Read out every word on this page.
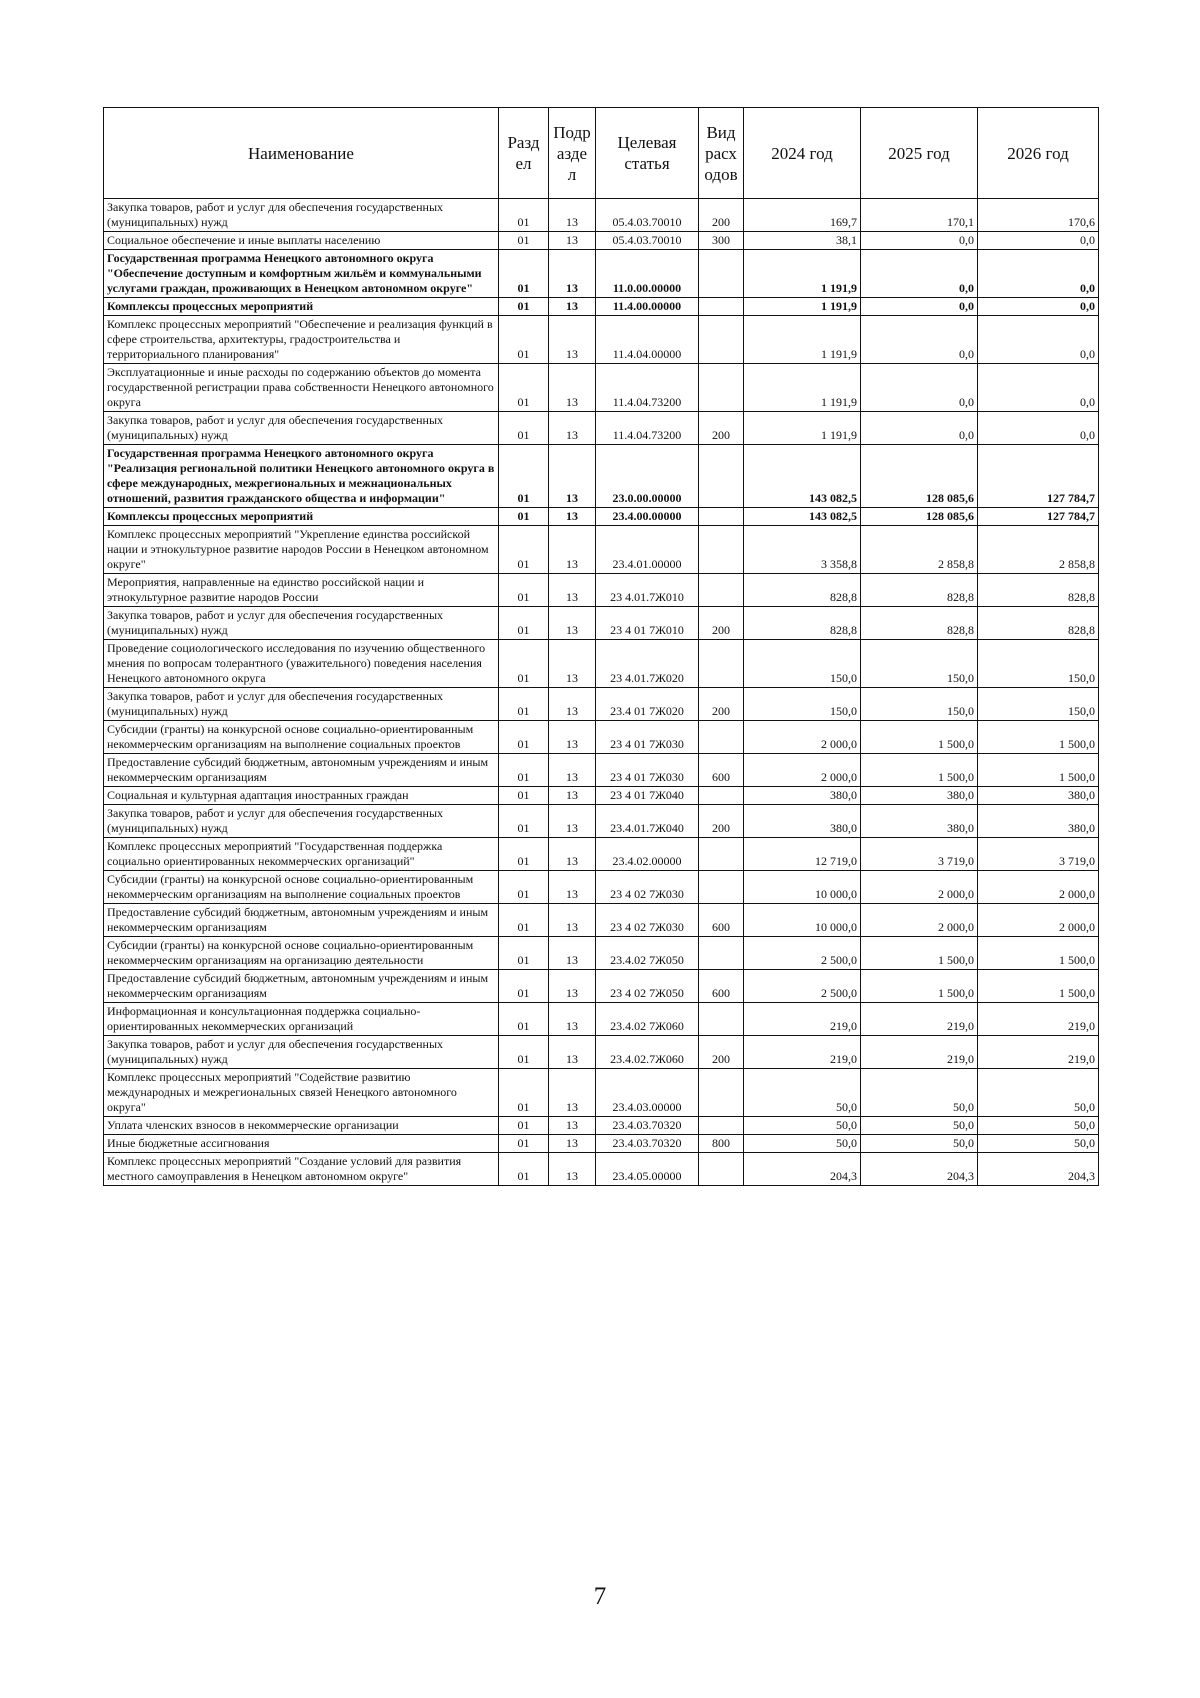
Наименование	Разд ел	Подр азде л	Целевая статья	Вид расх одов	2024 год	2025 год	2026 год
Закупка товаров, работ и услуг для обеспечения государственных (муниципальных) нужд	01	13	05.4.03.70010	200	169,7	170,1	170,6
Социальное обеспечение и иные выплаты населению	01	13	05.4.03.70010	300	38,1	0,0	0,0
Государственная программа Ненецкого автономного округа "Обеспечение доступным и комфортным жильём и коммунальными услугами граждан, проживающих в Ненецком автономном округе"	01	13	11.0.00.00000		1 191,9	0,0	0,0
Комплексы процессных мероприятий	01	13	11.4.00.00000		1 191,9	0,0	0,0
Комплекс процессных мероприятий "Обеспечение и реализация функций в сфере строительства, архитектуры, градостроительства и территориального планирования"	01	13	11.4.04.00000		1 191,9	0,0	0,0
Эксплуатационные и иные расходы по содержанию объектов до момента государственной регистрации права собственности Ненецкого автономного округа	01	13	11.4.04.73200		1 191,9	0,0	0,0
Закупка товаров, работ и услуг для обеспечения государственных (муниципальных) нужд	01	13	11.4.04.73200	200	1 191,9	0,0	0,0
Государственная программа Ненецкого автономного округа "Реализация региональной политики Ненецкого автономного округа в сфере международных, межрегиональных и межнациональных отношений, развития гражданского общества и информации"	01	13	23.0.00.00000		143 082,5	128 085,6	127 784,7
Комплексы процессных мероприятий	01	13	23.4.00.00000		143 082,5	128 085,6	127 784,7
Комплекс процессных мероприятий "Укрепление единства российской нации и этнокультурное развитие народов России в Ненецком автономном округе"	01	13	23.4.01.00000		3 358,8	2 858,8	2 858,8
Мероприятия, направленные на единство российской нации и этнокультурное развитие народов России	01	13	23 4.01.7Ж010		828,8	828,8	828,8
Закупка товаров, работ и услуг для обеспечения государственных (муниципальных) нужд	01	13	23 4 01 7Ж010	200	828,8	828,8	828,8
Проведение социологического исследования по изучению общественного мнения по вопросам толерантного (уважительного) поведения населения Ненецкого автономного округа	01	13	23 4.01.7Ж020		150,0	150,0	150,0
Закупка товаров, работ и услуг для обеспечения государственных (муниципальных) нужд	01	13	23.4 01 7Ж020	200	150,0	150,0	150,0
Субсидии (гранты) на конкурсной основе социально-ориентированным некоммерческим организациям на выполнение социальных проектов	01	13	23 4 01 7Ж030		2 000,0	1 500,0	1 500,0
Предоставление субсидий бюджетным, автономным учреждениям и иным некоммерческим организациям	01	13	23 4 01 7Ж030	600	2 000,0	1 500,0	1 500,0
Социальная и культурная адаптация иностранных граждан	01	13	23 4 01 7Ж040		380,0	380,0	380,0
Закупка товаров, работ и услуг для обеспечения государственных (муниципальных) нужд	01	13	23.4.01.7Ж040	200	380,0	380,0	380,0
Комплекс процессных мероприятий "Государственная поддержка социально ориентированных некоммерческих организаций"	01	13	23.4.02.00000		12 719,0	3 719,0	3 719,0
Субсидии (гранты) на конкурсной основе социально-ориентированным некоммерческим организациям на выполнение социальных проектов	01	13	23 4 02 7Ж030		10 000,0	2 000,0	2 000,0
Предоставление субсидий бюджетным, автономным учреждениям и иным некоммерческим организациям	01	13	23 4 02 7Ж030	600	10 000,0	2 000,0	2 000,0
Субсидии (гранты) на конкурсной основе социально-ориентированным некоммерческим организациям на организацию деятельности	01	13	23.4.02 7Ж050		2 500,0	1 500,0	1 500,0
Предоставление субсидий бюджетным, автономным учреждениям и иным некоммерческим организациям	01	13	23 4 02 7Ж050	600	2 500,0	1 500,0	1 500,0
Информационная и консультационная поддержка социально-ориентированных некоммерческих организаций	01	13	23.4.02 7Ж060		219,0	219,0	219,0
Закупка товаров, работ и услуг для обеспечения государственных (муниципальных) нужд	01	13	23.4.02.7Ж060	200	219,0	219,0	219,0
Комплекс процессных мероприятий "Содействие развитию международных и межрегиональных связей Ненецкого автономного округа"	01	13	23.4.03.00000		50,0	50,0	50,0
Уплата членских взносов в некоммерческие организации	01	13	23.4.03.70320		50,0	50,0	50,0
Иные бюджетные ассигнования	01	13	23.4.03.70320	800	50,0	50,0	50,0
Комплекс процессных мероприятий "Создание условий для развития местного самоуправления в Ненецком автономном округе"	01	13	23.4.05.00000		204,3	204,3	204,3
7
